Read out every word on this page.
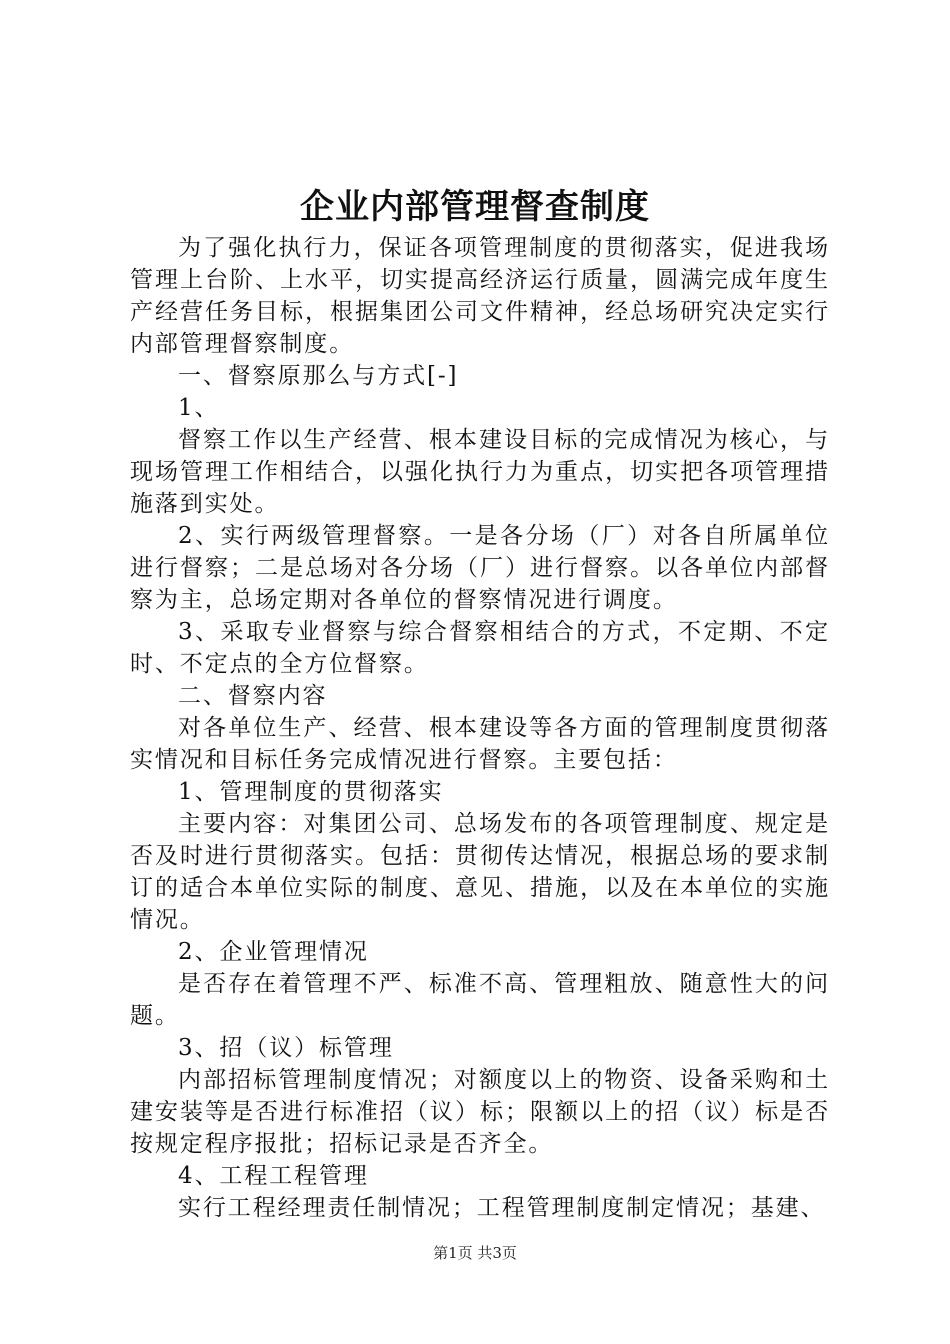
企业内部管理督查制度

为了强化执行力，保证各项管理制度的贯彻落实，促进我场管理上台阶、上水平，切实提高经济运行质量，圆满完成年度生产经营任务目标，根据集团公司文件精神，经总场研究决定实行内部管理督察制度。

一、督察原那么与方式[-]

1、

督察工作以生产经营、根本建设目标的完成情况为核心，与现场管理工作相结合，以强化执行力为重点，切实把各项管理措施落到实处。

2、实行两级管理督察。一是各分场（厂）对各自所属单位进行督察；二是总场对各分场（厂）进行督察。以各单位内部督察为主，总场定期对各单位的督察情况进行调度。

3、采取专业督察与综合督察相结合的方式，不定期、不定时、不定点的全方位督察。

二、督察内容

对各单位生产、经营、根本建设等各方面的管理制度贯彻落实情况和目标任务完成情况进行督察。主要包括：

1、管理制度的贯彻落实

主要内容：对集团公司、总场发布的各项管理制度、规定是否及时进行贯彻落实。包括：贯彻传达情况，根据总场的要求制订的适合本单位实际的制度、意见、措施，以及在本单位的实施情况。

2、企业管理情况

是否存在着管理不严、标准不高、管理粗放、随意性大的问题。

3、招（议）标管理

内部招标管理制度情况；对额度以上的物资、设备采购和土建安装等是否进行标准招（议）标；限额以上的招（议）标是否按规定程序报批；招标记录是否齐全。

4、工程工程管理

实行工程经理责任制情况；工程管理制度制定情况；基建、

第1页 共3页
